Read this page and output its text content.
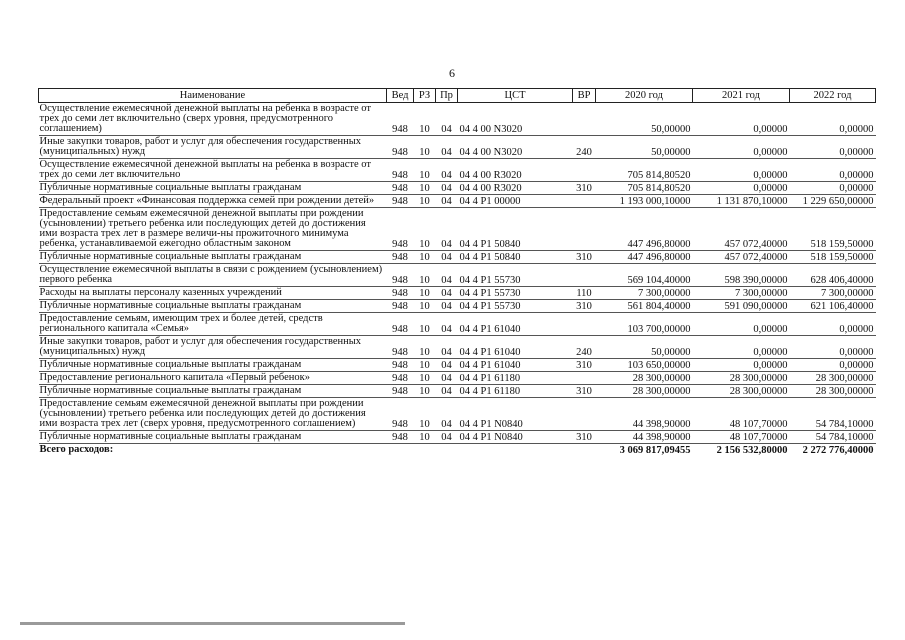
6
Наименование	Вед	РЗ	Пр	ЦСТ	ВР	2020 год	2021 год	2022 год
Осуществление ежемесячной денежной выплаты на ребенка в возрасте от трех до семи лет включительно (сверх уровня, предусмотренного соглашением)	948	10	04	04 4 00 N3020		50,00000	0,00000	0,00000
Иные закупки товаров, работ и услуг для обеспечения государственных (муниципальных) нужд	948	10	04	04 4 00 N3020	240	50,00000	0,00000	0,00000
Осуществление ежемесячной денежной выплаты на ребенка в возрасте от трех до семи лет включительно	948	10	04	04 4 00 R3020		705 814,80520	0,00000	0,00000
Публичные нормативные социальные выплаты гражданам	948	10	04	04 4 00 R3020	310	705 814,80520	0,00000	0,00000
Федеральный проект «Финансовая поддержка семей при рождении детей»	948	10	04	04 4 P1 00000		1 193 000,10000	1 131 870,10000	1 229 650,00000
Предоставление семьям ежемесячной денежной выплаты при рождении (усыновлении) третьего ребенка или последующих детей до достижения ими возраста трех лет в размере величи-ны прожиточного минимума ребенка, устанавливаемой ежегодно областным законом	948	10	04	04 4 P1 50840		447 496,80000	457 072,40000	518 159,50000
Публичные нормативные социальные выплаты гражданам	948	10	04	04 4 P1 50840	310	447 496,80000	457 072,40000	518 159,50000
Осуществление ежемесячной выплаты в связи с рождением (усыновлением) первого ребенка	948	10	04	04 4 P1 55730		569 104,40000	598 390,00000	628 406,40000
Расходы на выплаты персоналу казенных учреждений	948	10	04	04 4 P1 55730	110	7 300,00000	7 300,00000	7 300,00000
Публичные нормативные социальные выплаты гражданам	948	10	04	04 4 P1 55730	310	561 804,40000	591 090,00000	621 106,40000
Предоставление семьям, имеющим трех и более детей, средств регионального капитала «Семья»	948	10	04	04 4 P1 61040		103 700,00000	0,00000	0,00000
Иные закупки товаров, работ и услуг для обеспечения государственных (муниципальных) нужд	948	10	04	04 4 P1 61040	240	50,00000	0,00000	0,00000
Публичные нормативные социальные выплаты гражданам	948	10	04	04 4 P1 61040	310	103 650,00000	0,00000	0,00000
Предоставление регионального капитала «Первый ребенок»	948	10	04	04 4 P1 61180		28 300,00000	28 300,00000	28 300,00000
Публичные нормативные социальные выплаты гражданам	948	10	04	04 4 P1 61180	310	28 300,00000	28 300,00000	28 300,00000
Предоставление семьям ежемесячной денежной выплаты при рождении (усыновлении) третьего ребенка или последующих детей до достижения ими возраста трех лет (сверх уровня, предусмотренного соглашением)	948	10	04	04 4 P1 N0840		44 398,90000	48 107,70000	54 784,10000
Публичные нормативные социальные выплаты гражданам	948	10	04	04 4 P1 N0840	310	44 398,90000	48 107,70000	54 784,10000
Всего расходов:						3 069 817,09455	2 156 532,80000	2 272 776,40000
